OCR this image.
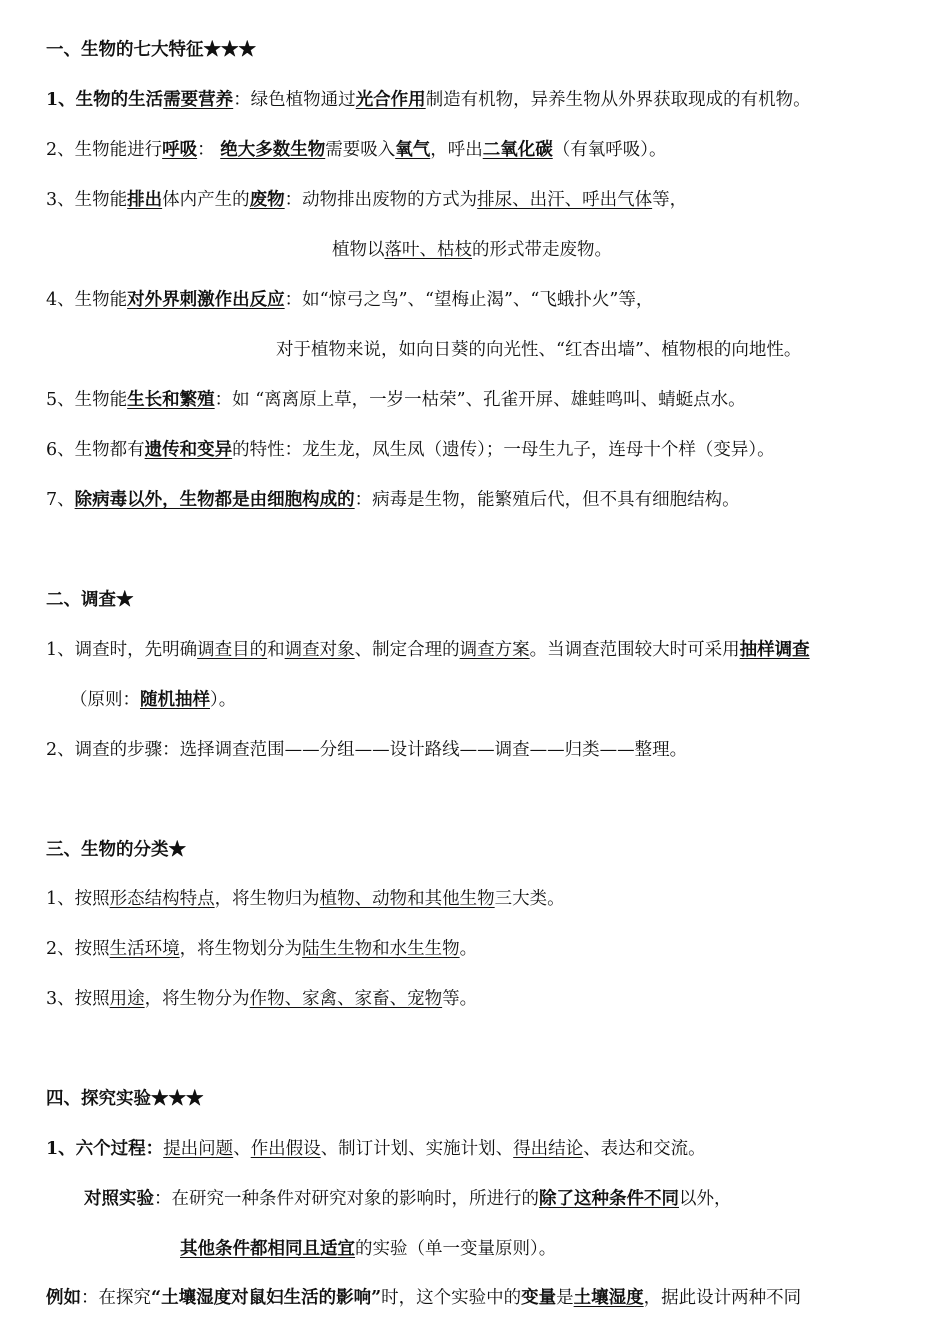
一、生物的七大特征★★★
1、生物的生活需要营养：绿色植物通过光合作用制造有机物，异养生物从外界获取现成的有机物。
2、生物能进行呼吸： 绝大多数生物需要吸入氧气，呼出二氧化碳（有氧呼吸）。
3、生物能排出体内产生的废物：动物排出废物的方式为排尿、出汗、呼出气体等，
植物以落叶、枯枝的形式带走废物。
4、生物能对外界刺激作出反应：如“惊弓之鸟”、“望梅止渴”、“飞蛾扑火”等，
对于植物来说，如向日葵的向光性、“红杏出墙”、植物根的向地性。
5、生物能生长和繁殖：如 “离离原上草，一岁一枯荣”、孔雀开屏、雄蛙鸣叫、蜻蜓点水。
6、生物都有遗传和变异的特性：龙生龙，凤生凤（遗传）；一母生九子，连母十个样（变异）。
7、除病毒以外，生物都是由细胞构成的：病毒是生物，能繁殖后代，但不具有细胞结构。
二、调查★
1、调查时，先明确调查目的和调查对象、制定合理的调查方案。当调查范围较大时可采用抽样调查
（原则：随机抽样）。
2、调查的步骤：选择调查范围——分组——设计路线——调查——归类——整理。
三、生物的分类★
1、按照形态结构特点，将生物归为植物、动物和其他生物三大类。
2、按照生活环境，将生物划分为陆生生物和水生生物。
3、按照用途，将生物分为作物、家禽、家畜、宠物等。
四、探究实验★★★
1、六个过程：提出问题、作出假设、制订计划、实施计划、得出结论、表达和交流。
对照实验：在研究一种条件对研究对象的影响时，所进行的除了这种条件不同以外，
其他条件都相同且适宜的实验（单一变量原则）。
例如：在探究“土壤湿度对鼠妇生活的影响”时，这个实验中的变量是土壤湿度，据此设计两种不同
